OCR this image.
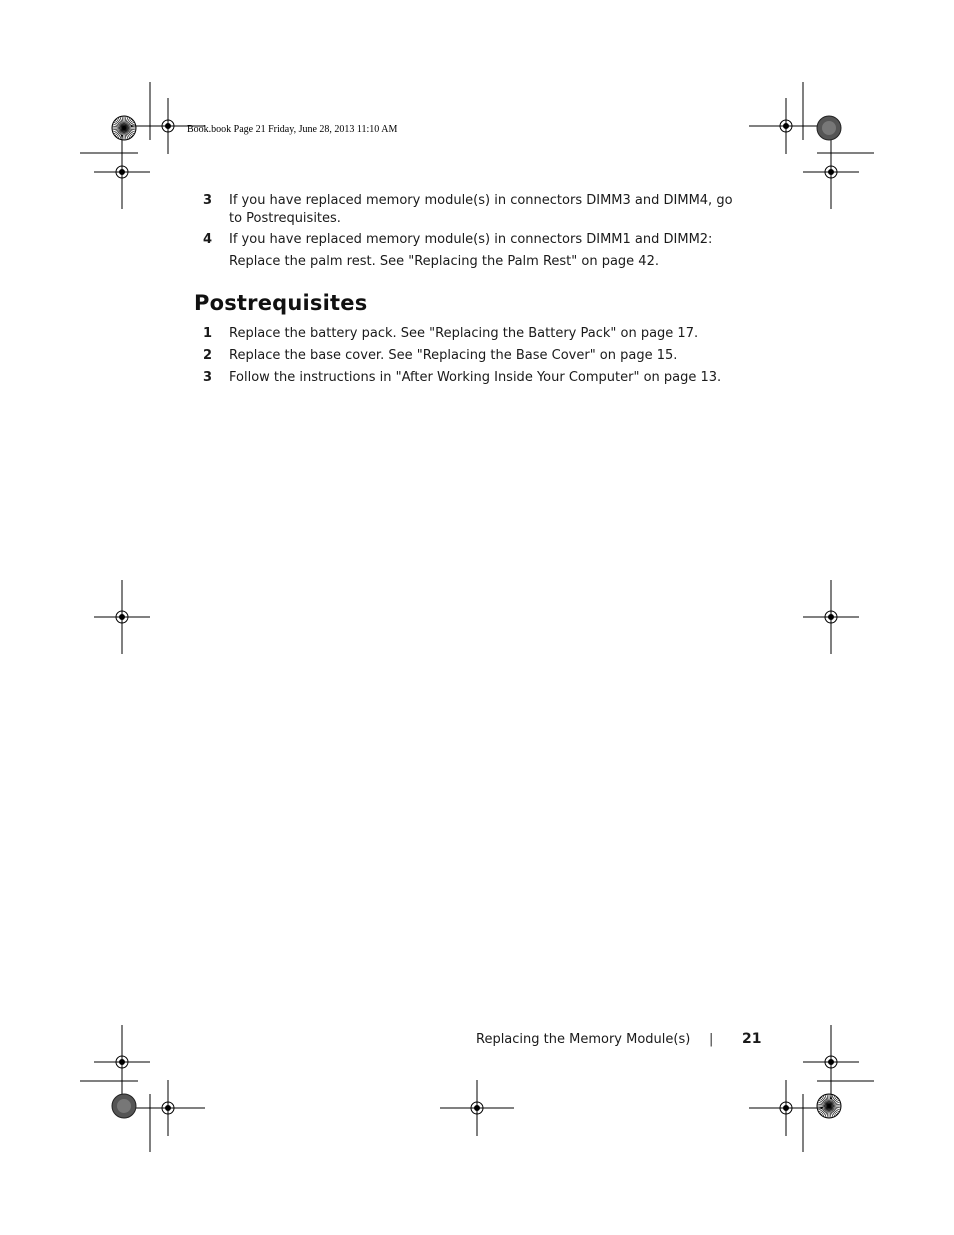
Book.book Page 21 Friday, June 28, 2013 11:10 AM
3 If you have replaced memory module(s) in connectors DIMM3 and DIMM4, go to Postrequisites.
4 If you have replaced memory module(s) in connectors DIMM1 and DIMM2:
Replace the palm rest. See "Replacing the Palm Rest" on page 42.
Postrequisites
1 Replace the battery pack. See "Replacing the Battery Pack" on page 17.
2 Replace the base cover. See "Replacing the Base Cover" on page 15.
3 Follow the instructions in "After Working Inside Your Computer" on page 13.
Replacing the Memory Module(s) | 21
